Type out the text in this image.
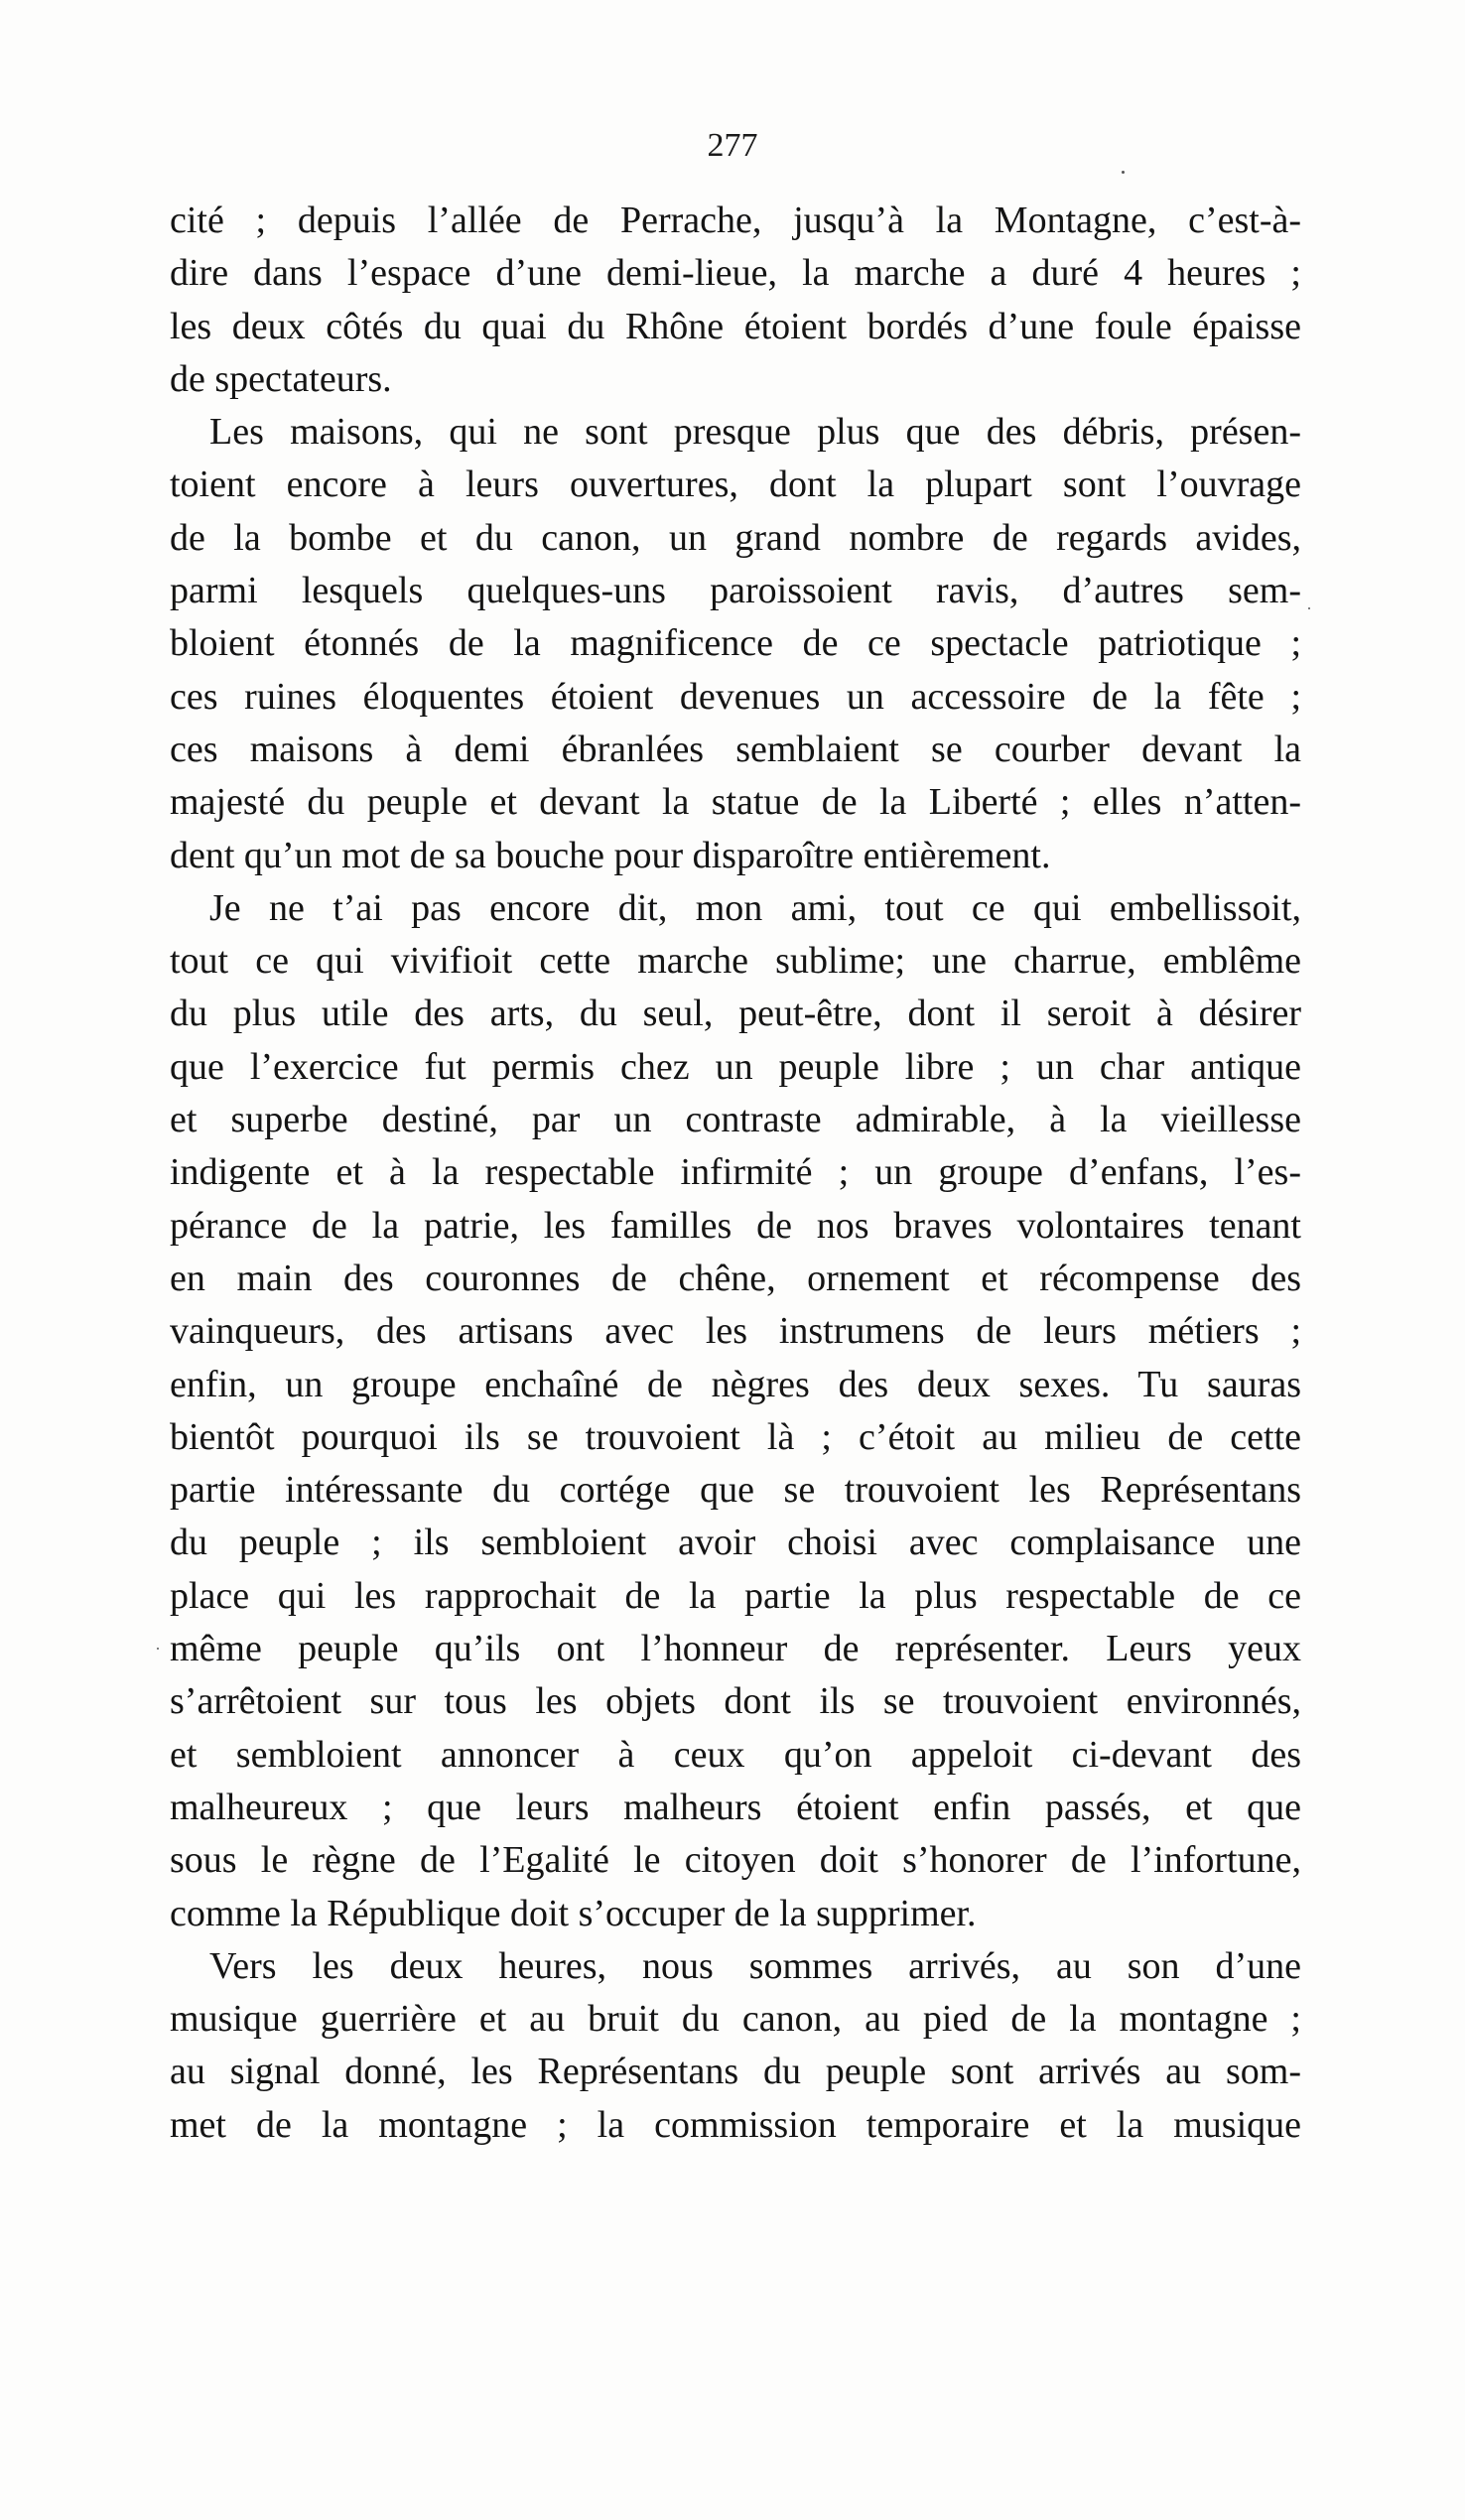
277

cité ; depuis l’allée de Perrache, jusqu’à la Montagne, c’est-à-
dire dans l’espace d’une demi-lieue, la marche a duré 4 heures ;
les deux côtés du quai du Rhône étoient bordés d’une foule épaisse
de spectateurs.

Les maisons, qui ne sont presque plus que des débris, présen-
toient encore à leurs ouvertures, dont la plupart sont l’ouvrage
de la bombe et du canon, un grand nombre de regards avides,
parmi lesquels quelques-uns paroissoient ravis, d’autres sem-
bloient étonnés de la magnificence de ce spectacle patriotique ;
ces ruines éloquentes étoient devenues un accessoire de la fête ;
ces maisons à demi ébranlées semblaient se courber devant la
majesté du peuple et devant la statue de la Liberté ; elles n’atten-
dent qu’un mot de sa bouche pour disparoître entièrement.

Je ne t’ai pas encore dit, mon ami, tout ce qui embellissoit,
tout ce qui vivifioit cette marche sublime; une charrue, emblême
du plus utile des arts, du seul, peut-être, dont il seroit à désirer
que l’exercice fut permis chez un peuple libre ; un char antique
et superbe destiné, par un contraste admirable, à la vieillesse
indigente et à la respectable infirmité ; un groupe d’enfans, l’es-
pérance de la patrie, les familles de nos braves volontaires tenant
en main des couronnes de chêne, ornement et récompense des
vainqueurs, des artisans avec les instrumens de leurs métiers ;
enfin, un groupe enchaîné de nègres des deux sexes. Tu sauras
bientôt pourquoi ils se trouvoient là ; c’étoit au milieu de cette
partie intéressante du cortége que se trouvoient les Représentans
du peuple ; ils sembloient avoir choisi avec complaisance une
place qui les rapprochait de la partie la plus respectable de ce
même peuple qu’ils ont l’honneur de représenter. Leurs yeux
s’arrêtoient sur tous les objets dont ils se trouvoient environnés,
et sembloient annoncer à ceux qu’on appeloit ci-devant des
malheureux ; que leurs malheurs étoient enfin passés, et que
sous le règne de l’Egalité le citoyen doit s’honorer de l’infortune,
comme la République doit s’occuper de la supprimer.

Vers les deux heures, nous sommes arrivés, au son d’une
musique guerrière et au bruit du canon, au pied de la montagne ;
au signal donné, les Représentans du peuple sont arrivés au som-
met de la montagne ; la commission temporaire et la musique
